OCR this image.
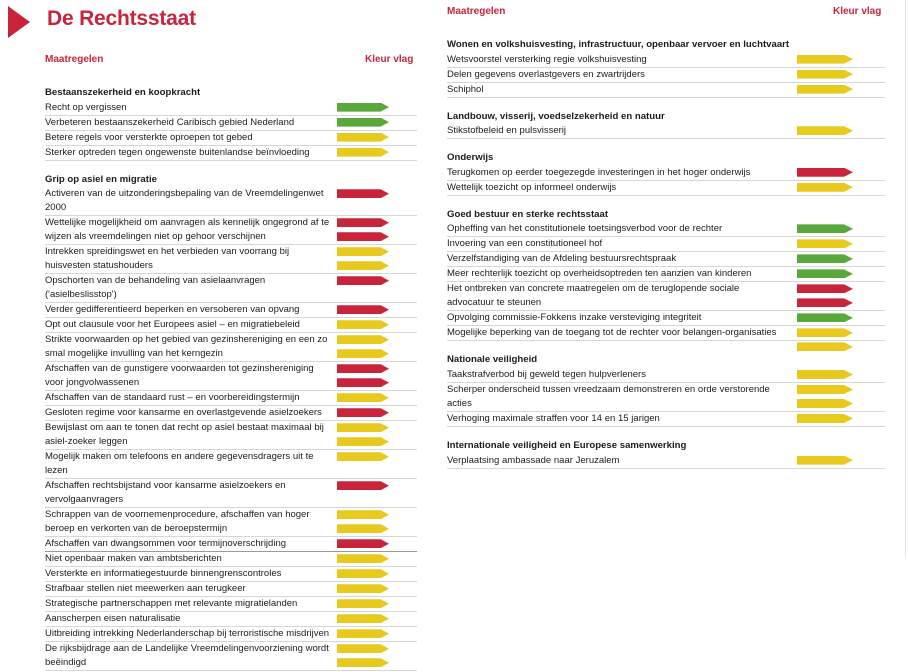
De Rechtsstaat
Maatregelen	Kleur vlag
Bestaanszekerheid en koopkracht
Recht op vergissen
Verbeteren bestaanszekerheid Caribisch gebied Nederland
Betere regels voor versterkte oproepen tot gebed
Sterker optreden tegen ongewenste buitenlandse beïnvloeding
Grip op asiel en migratie
Activeren van de uitzonderingsbepaling van de Vreemdelingenwet 2000
Wettelijke mogelijkheid om aanvragen als kennelijk ongegrond af te wijzen als vreemdelingen niet op gehoor verschijnen
Intrekken spreidingswet en het verbieden van voorrang bij huisvesten statushouders
Opschorten van de behandeling van asielaanvragen ('asielbeslisstop')
Verder gedifferentieerd beperken en versoberen van opvang
Opt out clausule voor het Europees asiel – en migratiebeleid
Strikte voorwaarden op het gebied van gezinshereniging en een zo smal mogelijke invulling van het kerngezin
Afschaffen van de gunstigere voorwaarden tot gezinshereniging voor jongvolwassenen
Afschaffen van de standaard rust – en voorbereidingstermijn
Gesloten regime voor kansarme en overlastgevende asielzoekers
Bewijslast om aan te tonen dat recht op asiel bestaat maximaal bij asiel-zoeker leggen
Mogelijk maken om telefoons en andere gegevensdragers uit te lezen
Afschaffen rechtsbijstand voor kansarme asielzoekers en vervolgaanvragers
Schrappen van de voornemenprocedure, afschaffen van hoger beroep en verkorten van de beroepstermijn
Afschaffen van dwangsommen voor termijnoverschrijding
Niet openbaar maken van ambtsberichten
Versterkte en informatiegestuurde binnengrenscontroles
Strafbaar stellen niet meewerken aan terugkeer
Strategische partnerschappen met relevante migratielanden
Aanscherpen eisen naturalisatie
Uitbreiding intrekking Nederlanderschap bij terroristische misdrijven
De rijksbijdrage aan de Landelijke Vreemdelingenvoorziening wordt beëindigd
Maatregelen	Kleur vlag
Wonen en volkshuisvesting, infrastructuur, openbaar vervoer en luchtvaart
Wetsvoorstel versterking regie volkshuisvesting
Delen gegevens overlastgevers en zwartrijders
Schiphol
Landbouw, visserij, voedselzekerheid en natuur
Stikstofbeleid en pulsvisserij
Onderwijs
Terugkomen op eerder toegezegde investeringen in het hoger onderwijs
Wettelijk toezicht op informeel onderwijs
Goed bestuur en sterke rechtsstaat
Opheffing van het constitutionele toetsingsverbod voor de rechter
Invoering van een constitutioneel hof
Verzelfstandiging van de Afdeling bestuursrechtspraak
Meer rechterlijk toezicht op overheidsoptreden ten aanzien van kinderen
Het ontbreken van concrete maatregelen om de teruglopende sociale advocatuur te steunen
Opvolging commissie-Fokkens inzake versteviging integriteit
Mogelijke beperking van de toegang tot de rechter voor belangen-organisaties
Nationale veiligheid
Taakstrafverbod bij geweld tegen hulpverleners
Scherper onderscheid tussen vreedzaam demonstreren en orde verstorende acties
Verhoging maximale straffen voor 14 en 15 jarigen
Internationale veiligheid en Europese samenwerking
Verplaatsing ambassade naar Jeruzalem
